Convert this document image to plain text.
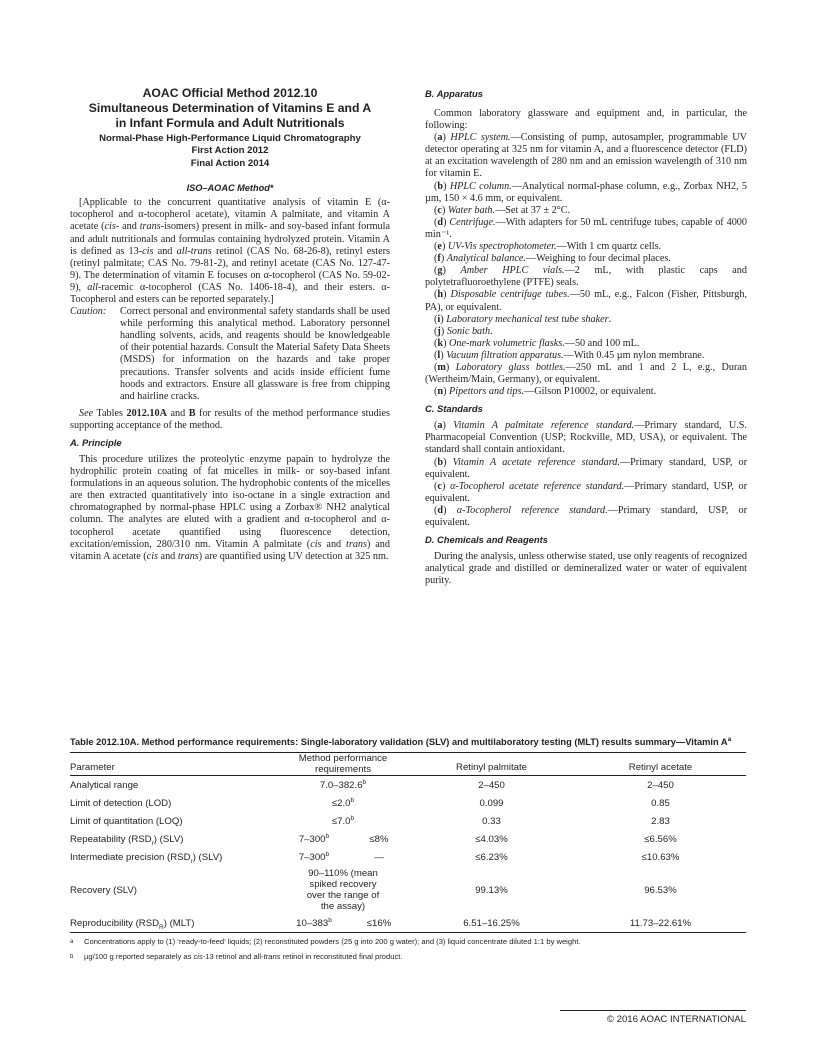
AOAC Official Method 2012.10
Simultaneous Determination of Vitamins E and A
in Infant Formula and Adult Nutritionals
Normal-Phase High-Performance Liquid Chromatography
First Action 2012
Final Action 2014
ISO–AOAC Method*

[Applicable to the concurrent quantitative analysis of vitamin E (α-tocopherol and α-tocopherol acetate), vitamin A palmitate, and vitamin A acetate (cis- and trans-isomers) present in milk- and soy-based infant formula and adult nutritionals and formulas containing hydrolyzed protein. Vitamin A is defined as 13-cis and all-trans retinol (CAS No. 68-26-8), retinyl esters (retinyl palmitate; CAS No. 79-81-2), and retinyl acetate (CAS No. 127-47-9). The determination of vitamin E focuses on α-tocopherol (CAS No. 59-02-9), all-racemic α-tocopherol (CAS No. 1406-18-4), and their esters. α-Tocopherol and esters can be reported separately.]

Caution:	Correct personal and environmental safety standards shall be used while performing this analytical method. Laboratory personnel handling solvents, acids, and reagents should be knowledgeable of their potential hazards. Consult the Material Safety Data Sheets (MSDS) for information on the hazards and take proper precautions. Transfer solvents and acids inside efficient fume hoods and extractors. Ensure all glassware is free from chipping and hairline cracks.

See Tables 2012.10A and B for results of the method performance studies supporting acceptance of the method.

A. Principle

This procedure utilizes the proteolytic enzyme papain to hydrolyze the hydrophilic protein coating of fat micelles in milk- or soy-based infant formulations in an aqueous solution. The hydrophobic contents of the micelles are then extracted quantitatively into iso-octane in a single extraction and chromatographed by normal-phase HPLC using a Zorbax® NH2 analytical column. The analytes are eluted with a gradient and α-tocopherol and α-tocopherol acetate quantified using fluorescence detection, excitation/emission, 280/310 nm. Vitamin A palmitate (cis and trans) and vitamin A acetate (cis and trans) are quantified using UV detection at 325 nm.

B. Apparatus

Common laboratory glassware and equipment and, in particular, the following:

(a) HPLC system.—Consisting of pump, autosampler, programmable UV detector operating at 325 nm for vitamin A, and a fluorescence detector (FLD) at an excitation wavelength of 280 nm and an emission wavelength of 310 nm for vitamin E.

(b) HPLC column.—Analytical normal-phase column, e.g., Zorbax NH2, 5 µm, 150 × 4.6 mm, or equivalent.

(c) Water bath.—Set at 37 ± 2°C.

(d) Centrifuge.—With adapters for 50 mL centrifuge tubes, capable of 4000 min⁻¹.

(e) UV-Vis spectrophotometer.—With 1 cm quartz cells.

(f) Analytical balance.—Weighing to four decimal places.

(g) Amber HPLC vials.—2 mL, with plastic caps and polytetrafluoroethylene (PTFE) seals.

(h) Disposable centrifuge tubes.—50 mL, e.g., Falcon (Fisher, Pittsburgh, PA), or equivalent.

(i) Laboratory mechanical test tube shaker.

(j) Sonic bath.

(k) One-mark volumetric flasks.—50 and 100 mL.

(l) Vacuum filtration apparatus.—With 0.45 µm nylon membrane.

(m) Laboratory glass bottles.—250 mL and 1 and 2 L, e.g., Duran (Wertheim/Main, Germany), or equivalent.

(n) Pipettors and tips.—Gilson P10002, or equivalent.

C. Standards

(a) Vitamin A palmitate reference standard.—Primary standard, U.S. Pharmacopeial Convention (USP; Rockville, MD, USA), or equivalent. The standard shall contain antioxidant.

(b) Vitamin A acetate reference standard.—Primary standard, USP, or equivalent.

(c) α-Tocopherol acetate reference standard.—Primary standard, USP, or equivalent.

(d) α-Tocopherol reference standard.—Primary standard, USP, or equivalent.

D. Chemicals and Reagents

During the analysis, unless otherwise stated, use only reagents of recognized analytical grade and distilled or demineralized water or water of equivalent purity.

Table 2012.10A. Method performance requirements: Single-laboratory validation (SLV) and multilaboratory testing (MLT) results summary—Vitamin $A^a$
Parameter	Method performance requirements		Retinyl palmitate	Retinyl acetate
Analytical range	7.0–382.6$^b$		2–450	2–450
Limit of detection (LOD)	≤2.0$^b$		0.099	0.85
Limit of quantitation (LOQ)	≤7.0$^b$		0.33	2.83
Repeatability $(RSD_r)$ (SLV)	$7-300^b$	≤8%	≤4.03%	≤6.56%
Intermediate precision $(RSD_r)$ (SLV)	7–300$^b$	—	≤6.23%	≤10.63%
Recovery (SLV)	90–110% (mean spiked recovery over the range of the assay)		99.13%	96.53%
Reproducibility $(RSD_R)$ (MLT)	$10-383^b$	≤16%	6.51–16.25%	11.73–22.61%
a	Concentrations apply to (1) ‘ready-to-feed’ liquids; (2) reconstituted powders (25 g into 200 g water); and (3) liquid concentrate diluted 1:1 by weight.
b	µg/100 g reported separately as cis-13 retinol and all-trans retinol in reconstituted final product.
© 2016 AOAC INTERNATIONAL
